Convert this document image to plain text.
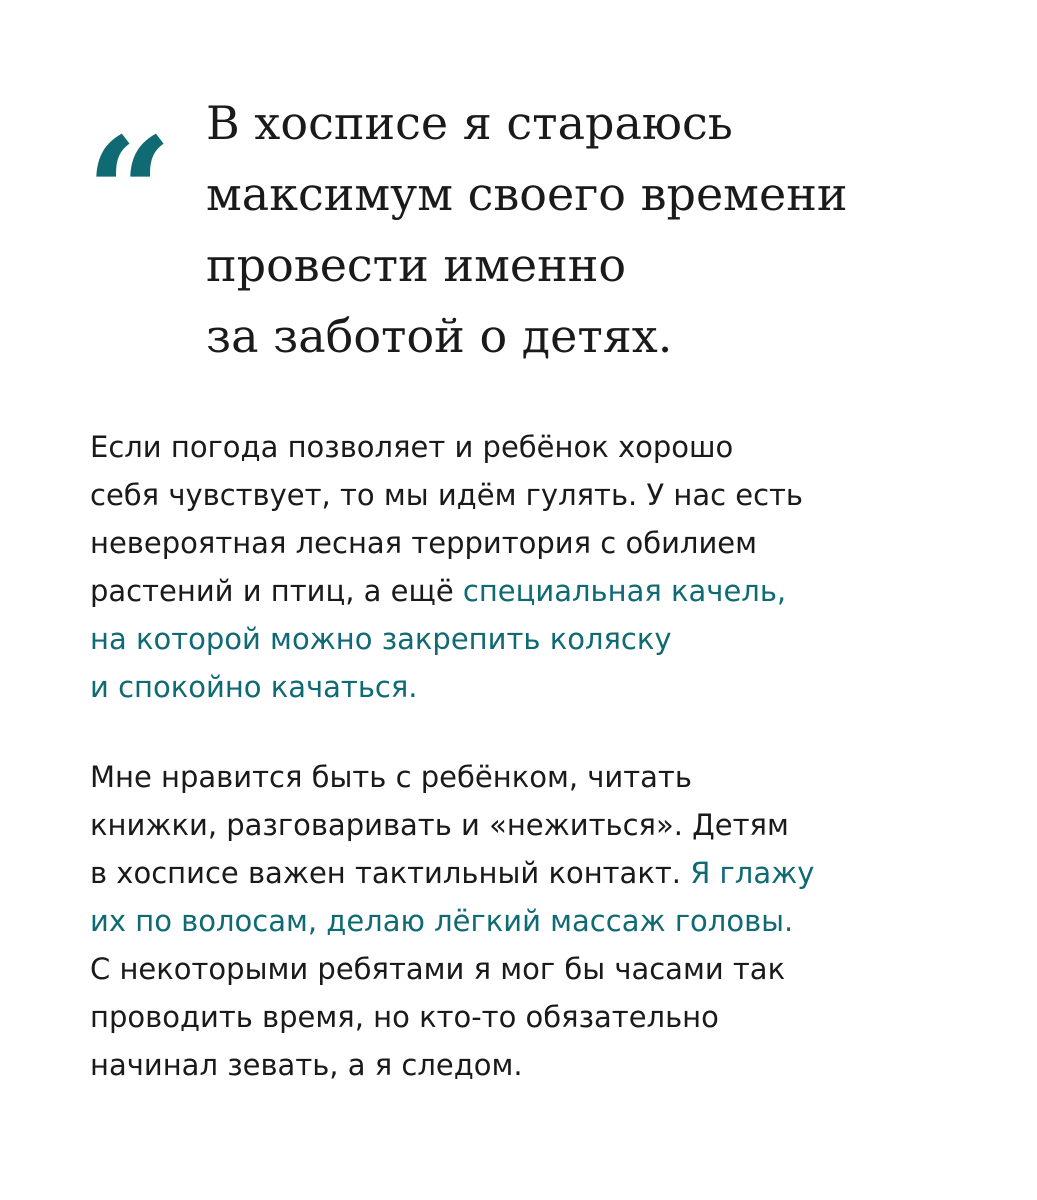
“ В хосписе я стараюсь
максимум своего времени
провести именно
за заботой о детях.

Если погода позволяет и ребёнок хорошо
себя чувствует, то мы идём гулять. У нас есть
невероятная лесная территория с обилием
растений и птиц, а ещё специальная качель,
на которой можно закрепить коляску
и спокойно качаться.

Мне нравится быть с ребёнком, читать
книжки, разговаривать и «нежиться». Детям
в хосписе важен тактильный контакт. Я глажу
их по волосам, делаю лёгкий массаж головы.
С некоторыми ребятами я мог бы часами так
проводить время, но кто-то обязательно
начинал зевать, а я следом.
